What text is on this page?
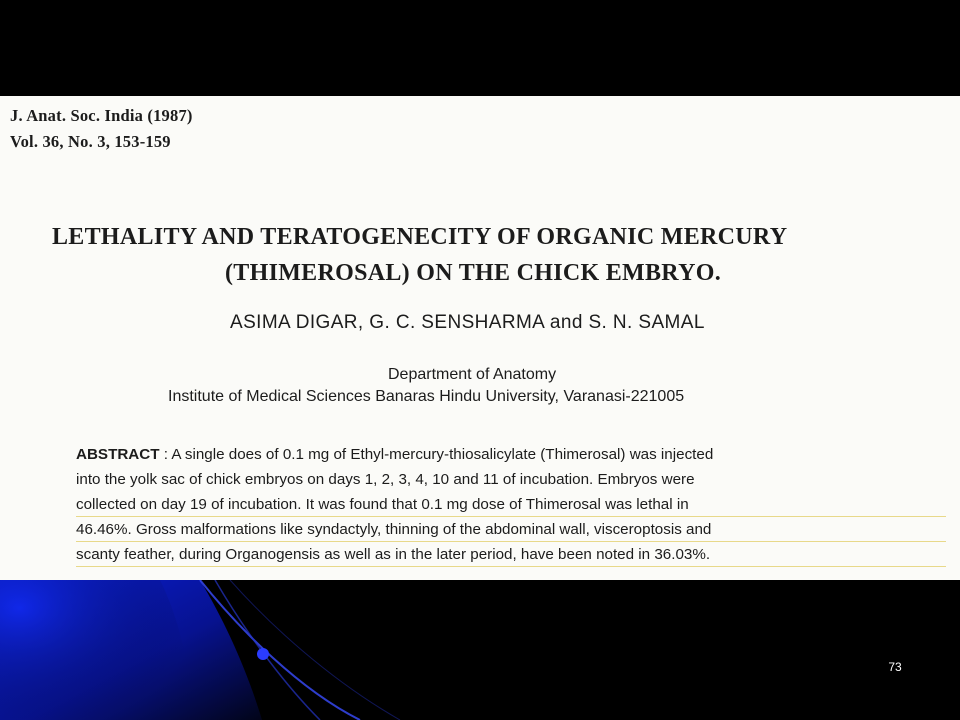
J. Anat. Soc. India (1987)
Vol. 36, No. 3, 153-159
LETHALITY AND TERATOGENECITY OF ORGANIC MERCURY
(THIMEROSAL) ON THE CHICK EMBRYO.
ASIMA DIGAR, G. C. SENSHARMA and S. N. SAMAL
Department of Anatomy
Institute of Medical Sciences Banaras Hindu University, Varanasi-221005
ABSTRACT : A single does of 0.1 mg of Ethyl-mercury-thiosalicylate (Thimerosal) was injected
into the yolk sac of chick embryos on days 1, 2, 3, 4, 10 and 11 of incubation. Embryos were
collected on day 19 of incubation. It was found that 0.1 mg dose of Thimerosal was lethal in
46.46%. Gross malformations like syndactyly, thinning of the abdominal wall, visceroptosis and
scanty feather, during Organogensis as well as in the later period, have been noted in 36.03%.
73
